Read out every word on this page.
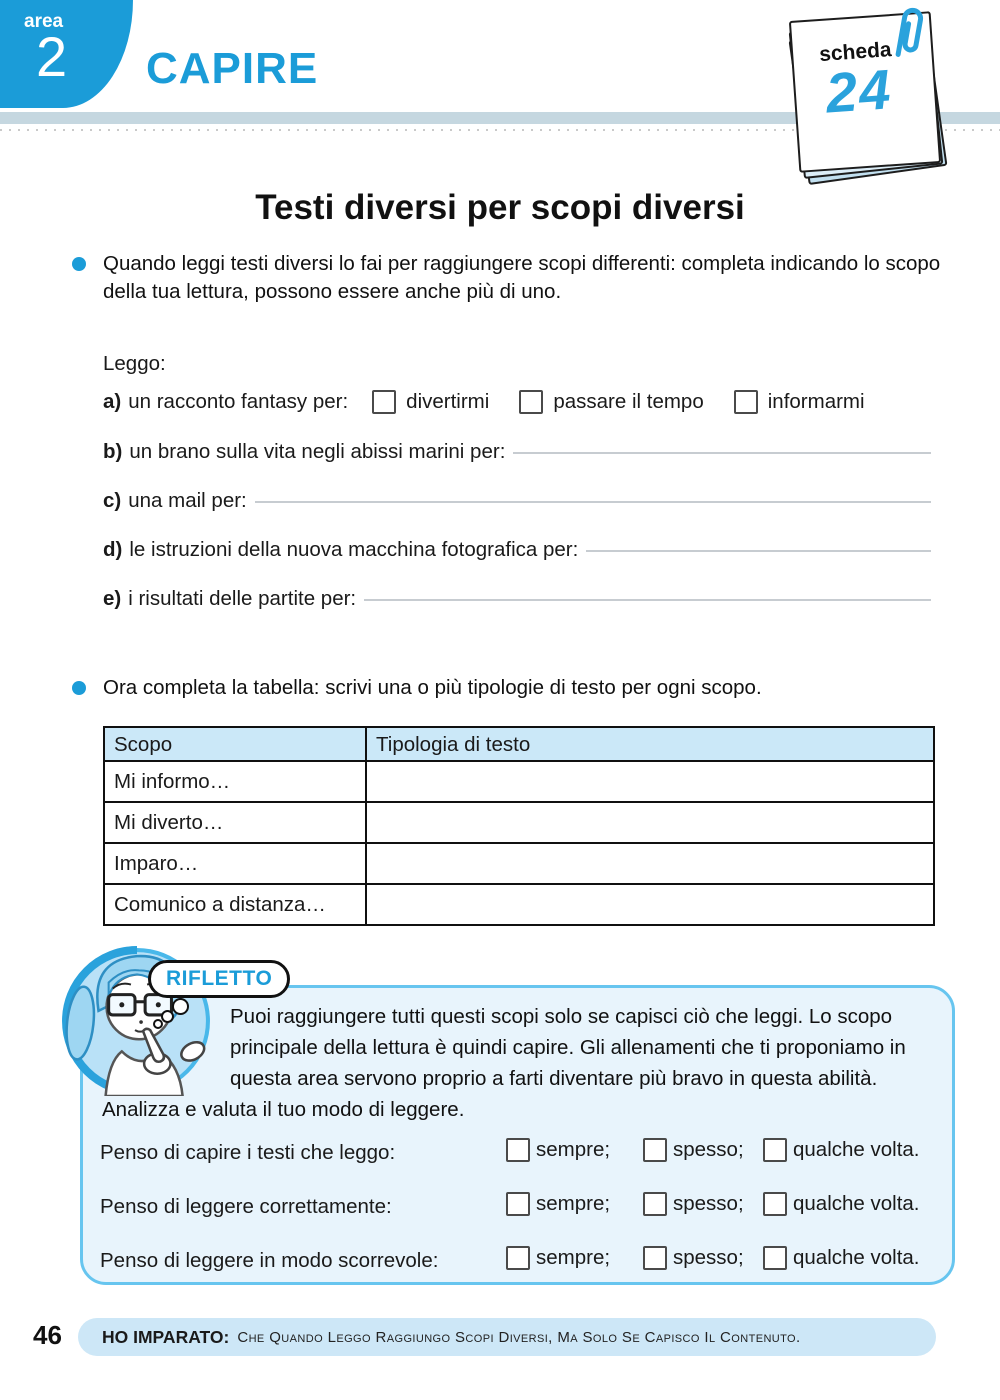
area
2 CAPIRE	scheda
24
Testi diversi per scopi diversi
Quando leggi testi diversi lo fai per raggiungere scopi differenti: completa indicando lo scopo della tua lettura, possono essere anche più di uno.
Leggo:
a) un racconto fantasy per:	divertirmi	passare il tempo	informarmi
b) un brano sulla vita negli abissi marini per:
c) una mail per:
d) le istruzioni della nuova macchina fotografica per:
e) i risultati delle partite per:
Ora completa la tabella: scrivi una o più tipologie di testo per ogni scopo.
Scopo	Tipologia di testo
Mi informo…
Mi diverto…
Imparo…
Comunico a distanza…
Puoi raggiungere tutti questi scopi solo se capisci ciò che leggi. Lo scopo principale della lettura è quindi capire. Gli allenamenti che ti proponiamo in questa area servono proprio a farti diventare più bravo in questa abilità. Analizza e valuta il tuo modo di leggere.
RIFLETTO
Penso di capire i testi che leggo:	sempre;	spesso; qualche volta.
Penso di leggere correttamente:	sempre;	spesso; qualche volta.
Penso di leggere in modo scorrevole:	sempre;	spesso; qualche volta.
46 HO IMPARATO: Che Quando Leggo Raggiungo Scopi Diversi, Ma Solo Se Capisco Il Contenuto.
